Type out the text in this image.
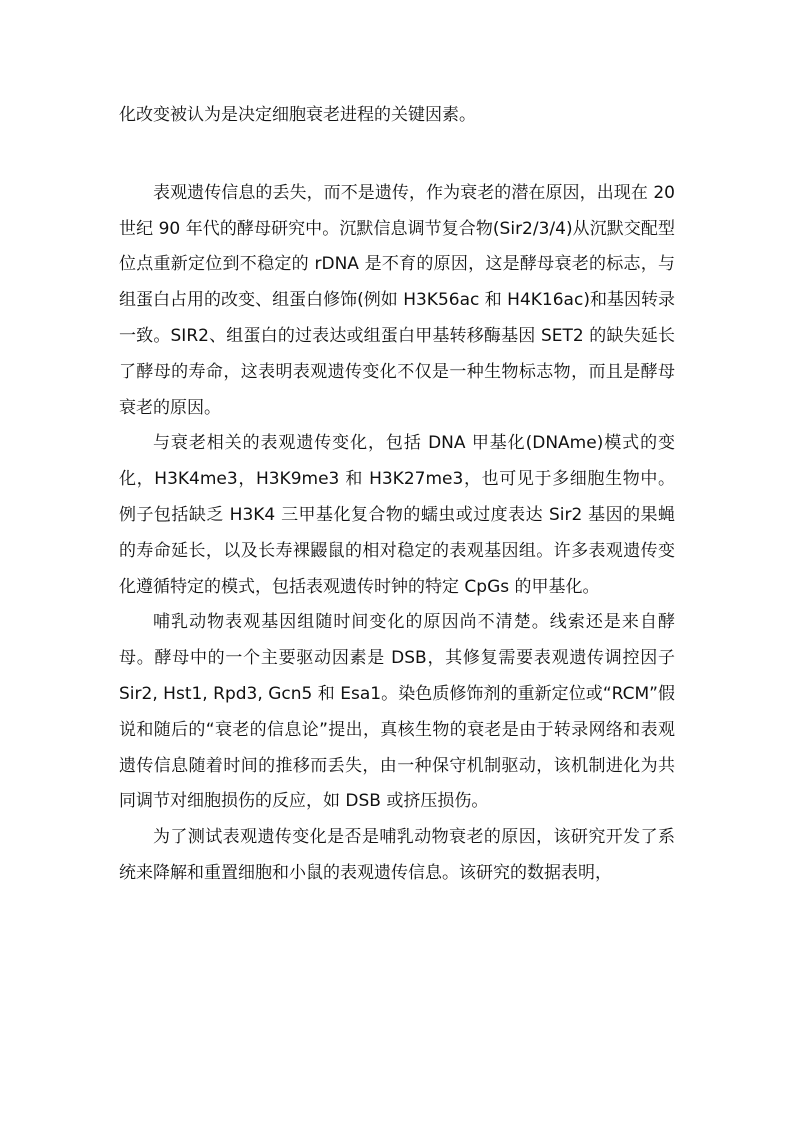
化改变被认为是决定细胞衰老进程的关键因素。

表观遗传信息的丢失，而不是遗传，作为衰老的潜在原因，出现在 20 世纪 90 年代的酵母研究中。沉默信息调节复合物(Sir2/3/4)从沉默交配型位点重新定位到不稳定的 rDNA 是不育的原因，这是酵母衰老的标志，与组蛋白占用的改变、组蛋白修饰(例如 H3K56ac 和 H4K16ac)和基因转录一致。SIR2、组蛋白的过表达或组蛋白甲基转移酶基因 SET2 的缺失延长了酵母的寿命，这表明表观遗传变化不仅是一种生物标志物，而且是酵母衰老的原因。

与衰老相关的表观遗传变化，包括 DNA 甲基化(DNAme)模式的变化，H3K4me3，H3K9me3 和 H3K27me3，也可见于多细胞生物中。例子包括缺乏 H3K4 三甲基化复合物的蠕虫或过度表达 Sir2 基因的果蝇的寿命延长，以及长寿裸鼹鼠的相对稳定的表观基因组。许多表观遗传变化遵循特定的模式，包括表观遗传时钟的特定 CpGs 的甲基化。

哺乳动物表观基因组随时间变化的原因尚不清楚。线索还是来自酵母。酵母中的一个主要驱动因素是 DSB，其修复需要表观遗传调控因子 Sir2, Hst1, Rpd3, Gcn5 和 Esa1。染色质修饰剂的重新定位或“RCM”假说和随后的“衰老的信息论”提出，真核生物的衰老是由于转录网络和表观遗传信息随着时间的推移而丢失，由一种保守机制驱动，该机制进化为共同调节对细胞损伤的反应，如 DSB 或挤压损伤。

为了测试表观遗传变化是否是哺乳动物衰老的原因，该研究开发了系统来降解和重置细胞和小鼠的表观遗传信息。该研究的数据表明，
